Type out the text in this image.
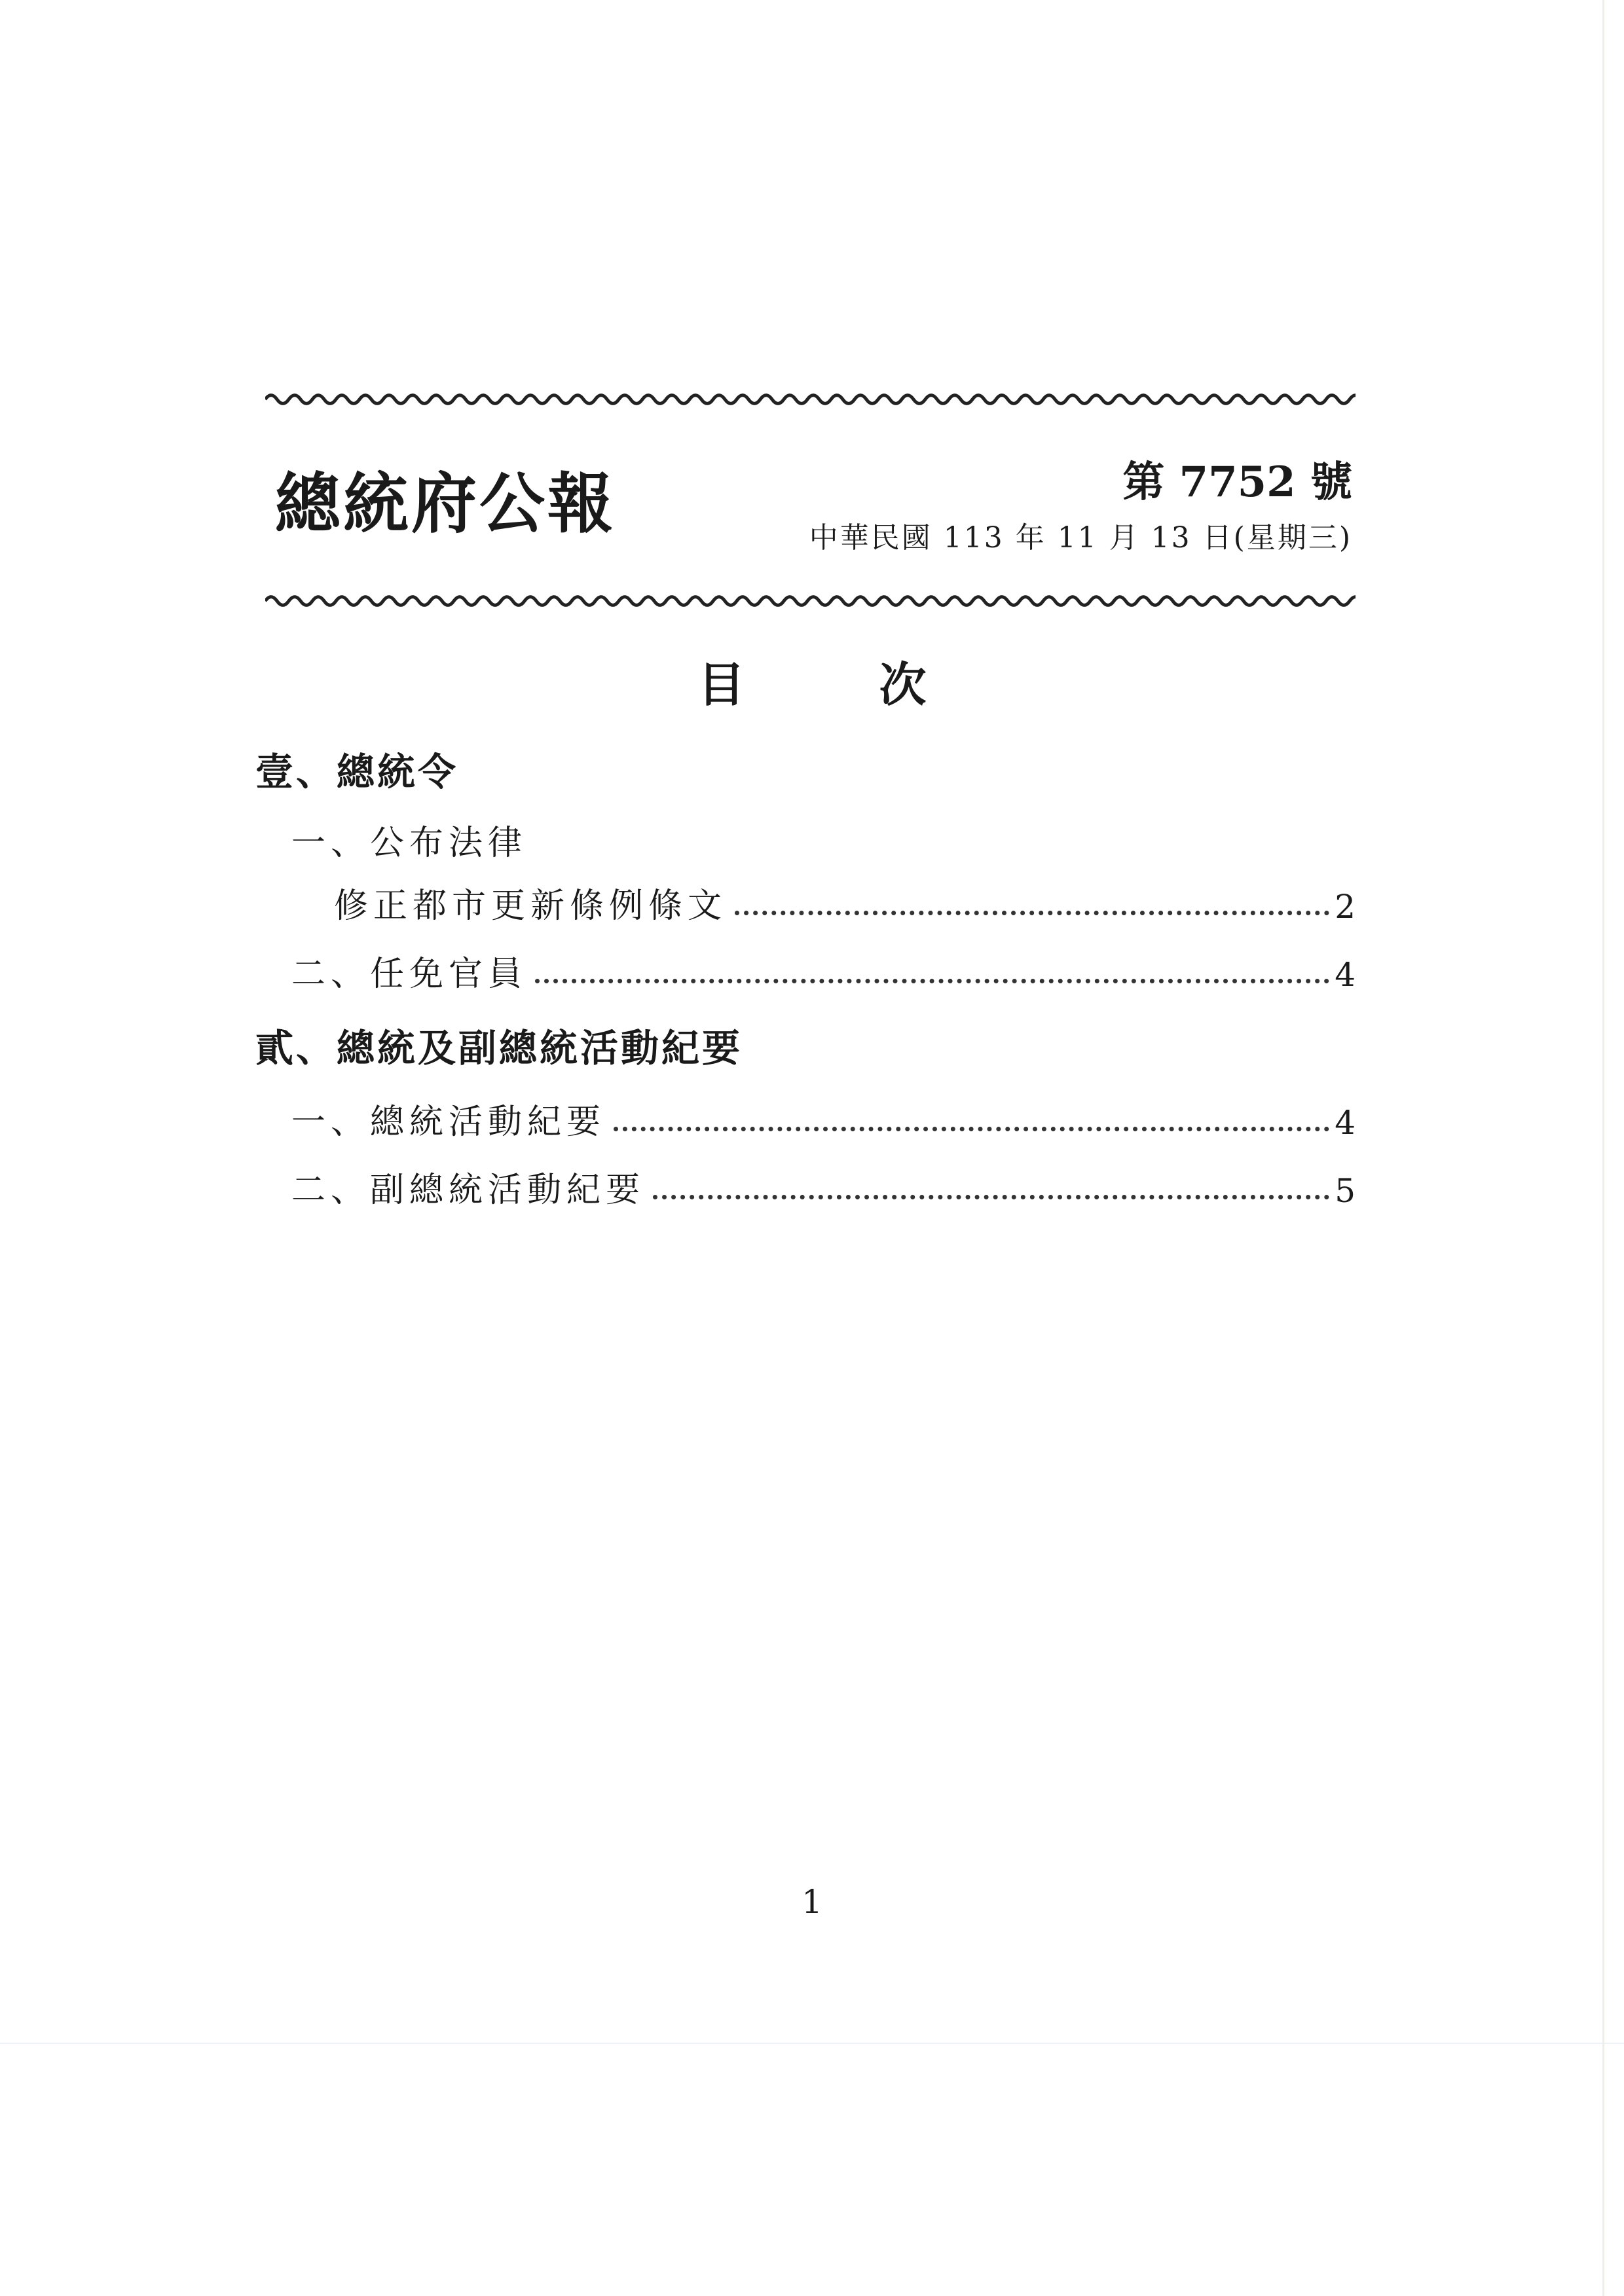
總統府公報	第 7752 號
中華民國 113 年 11 月 13 日(星期三)
目 次
壹、總統令
一、公布法律
修正都市更新條例條文	2
二、任免官員	4
貳、總統及副總統活動紀要
一、總統活動紀要	4
二、副總統活動紀要	5
1
